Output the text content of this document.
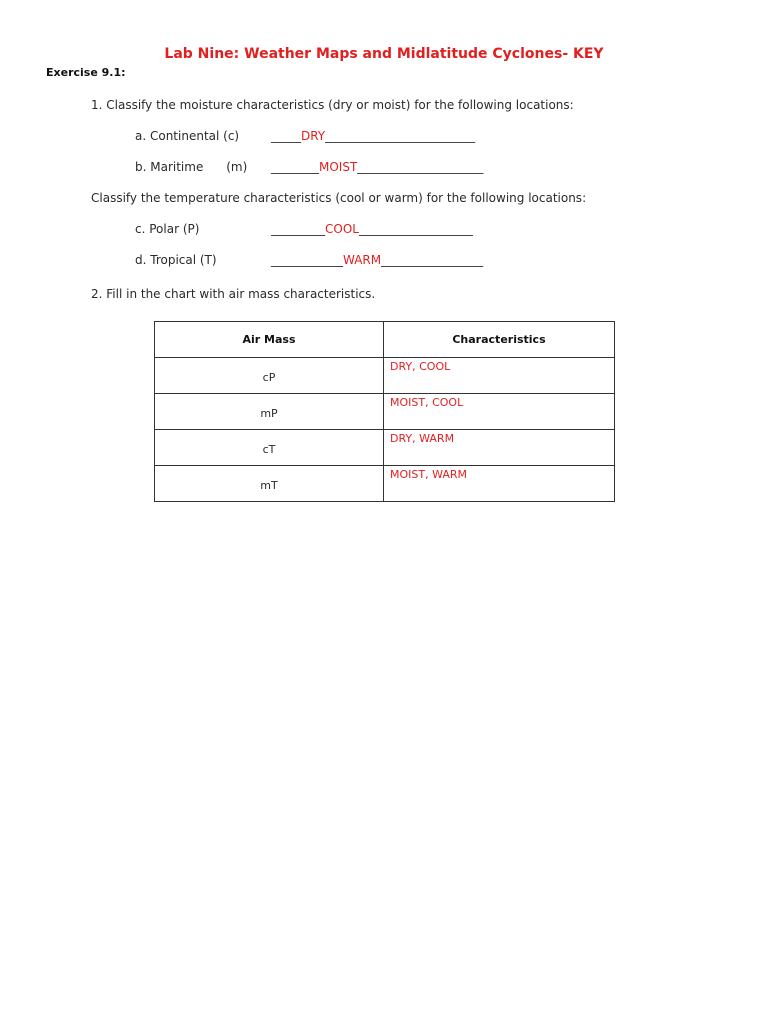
Lab Nine: Weather Maps and Midlatitude Cyclones- KEY
Exercise 9.1:
1. Classify the moisture characteristics (dry or moist) for the following locations:
a. Continental (c)	_____DRY_________________________
b. Maritime      (m) ________MOIST_____________________
Classify the temperature characteristics (cool or warm) for the following locations:
c. Polar (P)	_________COOL___________________
d. Tropical (T)	____________WARM_________________
2. Fill in the chart with air mass characteristics.
Air Mass	Characteristics
cP	DRY, COOL
mP	MOIST, COOL
cT	DRY, WARM
mT	MOIST, WARM
